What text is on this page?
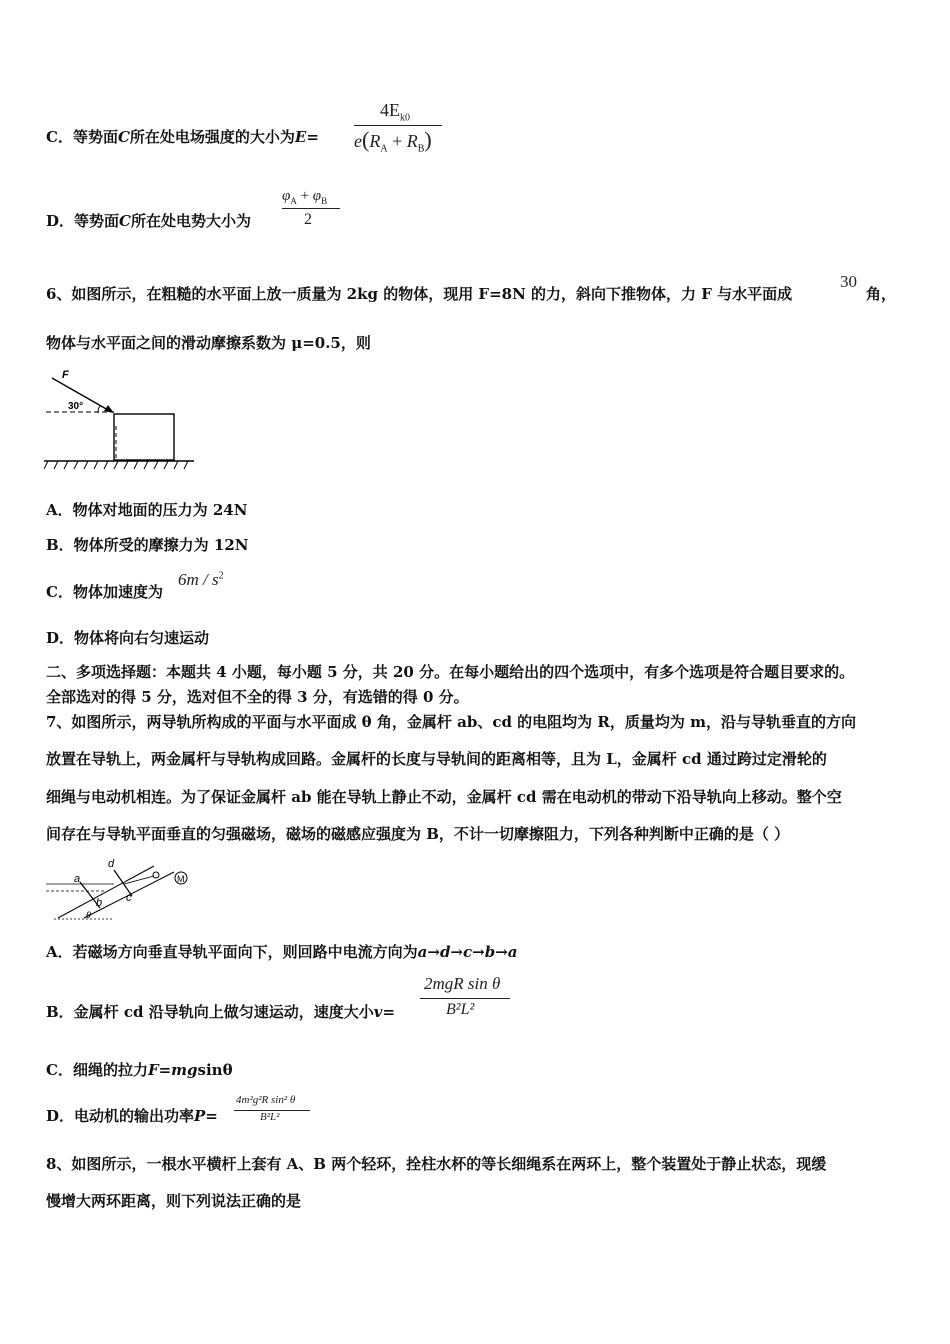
C．等势面C所在处电场强度的大小为E=
$4E_{k0}$
$e(R_A + R_B)$
D．等势面C所在处电势大小为
$\varphi_A + \varphi_B$
2
6、如图所示，在粗糙的水平面上放一质量为 2kg 的物体，现用 F=8N 的力，斜向下推物体，力 F 与水平面成
30
角，
物体与水平面之间的滑动摩擦系数为 μ=0.5，则
F
30°
A．物体对地面的压力为 24N
B．物体所受的摩擦力为 12N
C．物体加速度为
$6m / s^2$
D．物体将向右匀速运动
二、多项选择题：本题共 4 小题，每小题 5 分，共 20 分。在每小题给出的四个选项中，有多个选项是符合题目要求的。
全部选对的得 5 分，选对但不全的得 3 分，有选错的得 0 分。
7、如图所示，两导轨所构成的平面与水平面成 θ 角，金属杆 ab、cd 的电阻均为 R，质量均为 m，沿与导轨垂直的方向
放置在导轨上，两金属杆与导轨构成回路。金属杆的长度与导轨间的距离相等，且为 L，金属杆 cd 通过跨过定滑轮的
细绳与电动机相连。为了保证金属杆 ab 能在导轨上静止不动，金属杆 cd 需在电动机的带动下沿导轨向上移动。整个空
间存在与导轨平面垂直的匀强磁场，磁场的磁感应强度为 B，不计一切摩擦阻力，下列各种判断中正确的是（ ）
M
a
b c
d
θ
A．若磁场方向垂直导轨平面向下，则回路中电流方向为a→d→c→b→a
B．金属杆 cd 沿导轨向上做匀速运动，速度大小v=
2mgR sin θ
B²L²
C．细绳的拉力F=mgsinθ
D．电动机的输出功率P=
4m²g²R sin² θ
B²L²
8、如图所示，一根水平横杆上套有 A、B 两个轻环，拴柱水杯的等长细绳系在两环上，整个装置处于静止状态，现缓
慢增大两环距离，则下列说法正确的是
